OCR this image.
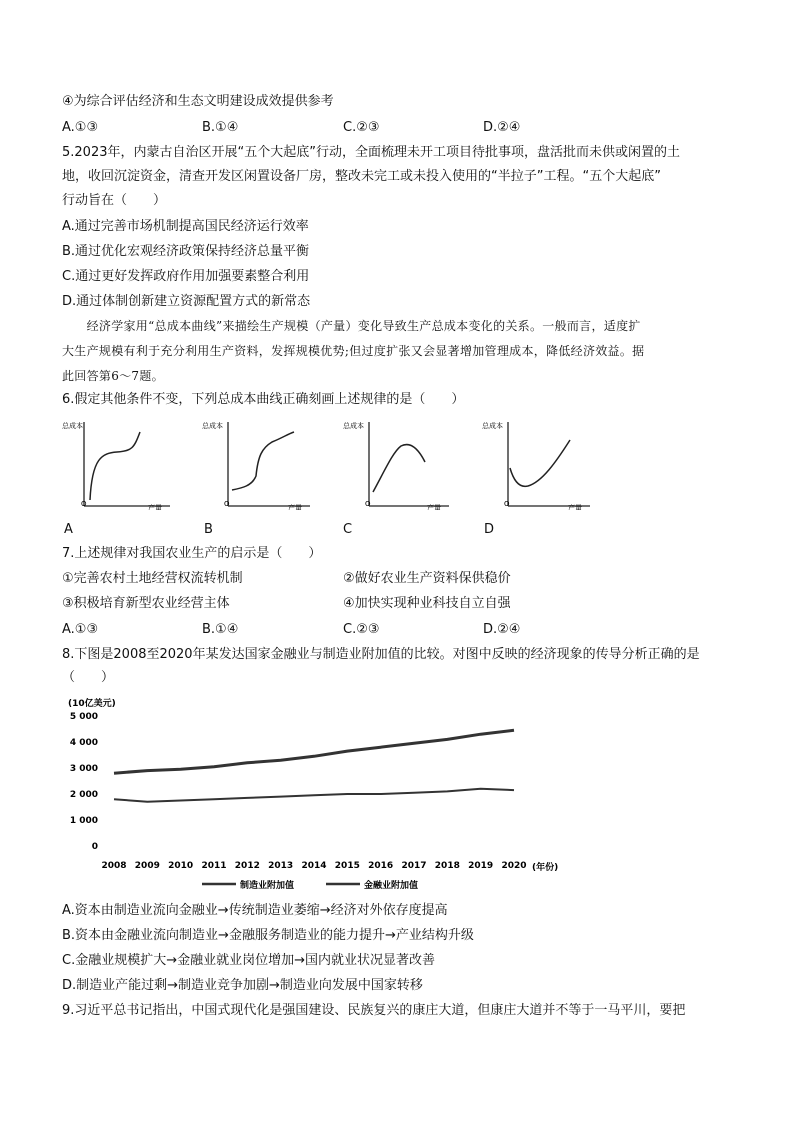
④为综合评估经济和生态文明建设成效提供参考
A.①③	B.①④	C.②③	D.②④
5.2023年，内蒙古自治区开展“五个大起底”行动，全面梳理未开工项目待批事项，盘活批而未供或闲置的土
地，收回沉淀资金，清查开发区闲置设备厂房，整改未完工或未投入使用的“半拉子”工程。“五个大起底”
行动旨在（　　）
A.通过完善市场机制提高国民经济运行效率
B.通过优化宏观经济政策保持经济总量平衡
C.通过更好发挥政府作用加强要素整合利用
D.通过体制创新建立资源配置方式的新常态
　　经济学家用“总成本曲线”来描绘生产规模（产量）变化导致生产总成本变化的关系。一般而言，适度扩
大生产规模有利于充分利用生产资料，发挥规模优势;但过度扩张又会显著增加管理成本，降低经济效益。据
此回答第6～7题。
6.假定其他条件不变，下列总成本曲线正确刻画上述规律的是（　　）
总成本
产量
O
A
总成本
产量
O
B
总成本
产量
O
C
总成本
产量
O
D
7.上述规律对我国农业生产的启示是（　　）
①完善农村土地经营权流转机制	②做好农业生产资料保供稳价
③积极培育新型农业经营主体	④加快实现种业科技自立自强
A.①③	B.①④	C.②③	D.②④
8.下图是2008至2020年某发达国家金融业与制造业附加值的比较。对图中反映的经济现象的传导分析正确的是
（　　）
(10亿美元)
(年份)
0
1 000
2 000
3 000
4 000
5 000
2008 2009 2010 2011 2012 2013 2014 2015 2016 2017 2018 2019 2020
制造业附加值	金融业附加值
A.资本由制造业流向金融业→传统制造业萎缩→经济对外依存度提高
B.资本由金融业流向制造业→金融服务制造业的能力提升→产业结构升级
C.金融业规模扩大→金融业就业岗位增加→国内就业状况显著改善
D.制造业产能过剩→制造业竞争加剧→制造业向发展中国家转移
9.习近平总书记指出，中国式现代化是强国建设、民族复兴的康庄大道，但康庄大道并不等于一马平川，要把
